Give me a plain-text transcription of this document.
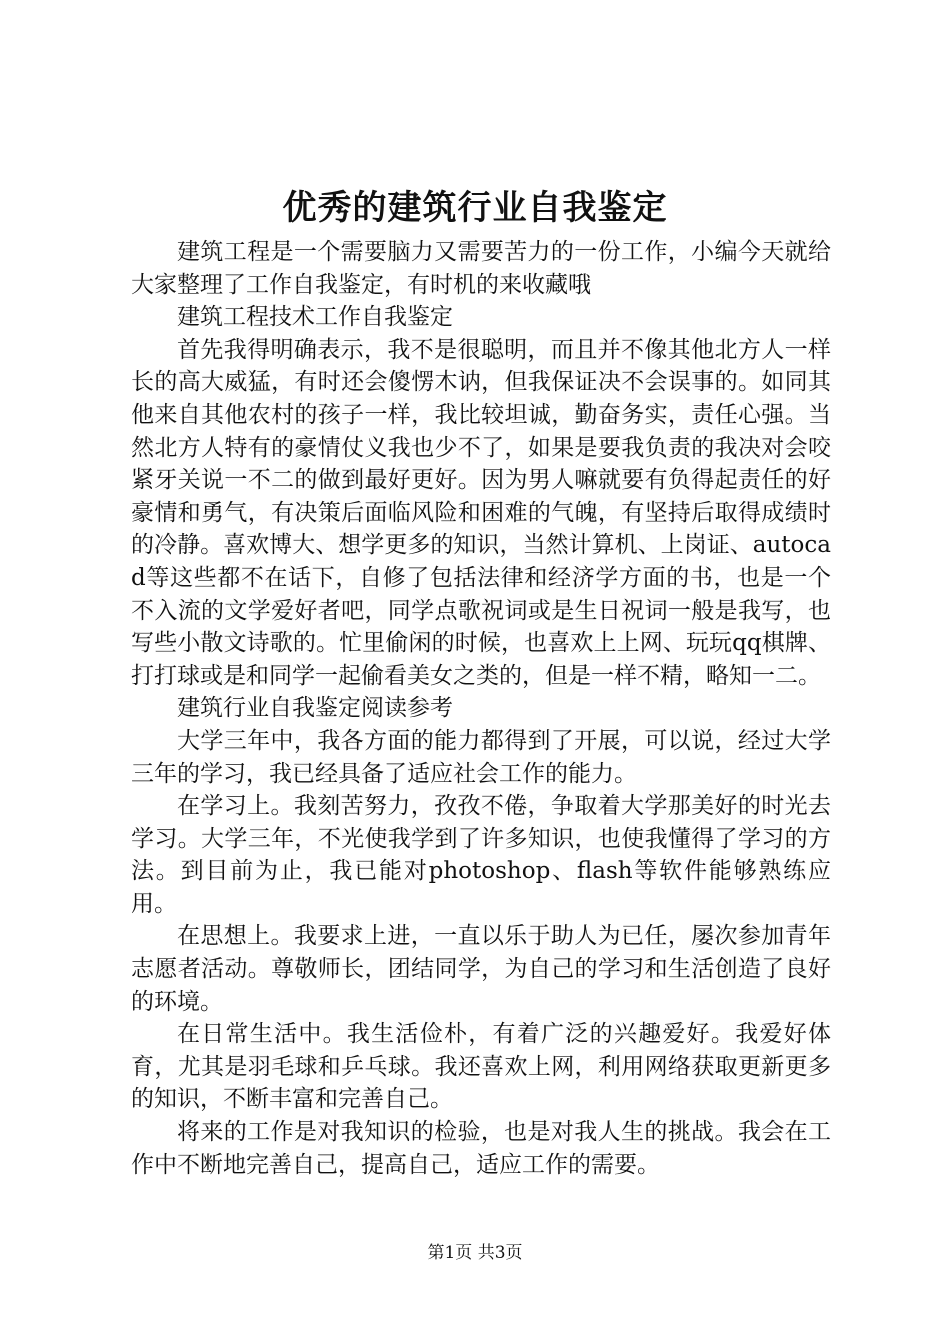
优秀的建筑行业自我鉴定

建筑工程是一个需要脑力又需要苦力的一份工作，小编今天就给大家整理了工作自我鉴定，有时机的来收藏哦

建筑工程技术工作自我鉴定

首先我得明确表示，我不是很聪明，而且并不像其他北方人一样长的高大威猛，有时还会傻愣木讷，但我保证决不会误事的。如同其他来自其他农村的孩子一样，我比较坦诚，勤奋务实，责任心强。当然北方人特有的豪情仗义我也少不了，如果是要我负责的我决对会咬紧牙关说一不二的做到最好更好。因为男人嘛就要有负得起责任的好豪情和勇气，有决策后面临风险和困难的气魄，有坚持后取得成绩时的冷静。喜欢博大、想学更多的知识，当然计算机、上岗证、autocad等这些都不在话下，自修了包括法律和经济学方面的书，也是一个不入流的文学爱好者吧，同学点歌祝词或是生日祝词一般是我写，也写些小散文诗歌的。忙里偷闲的时候，也喜欢上上网、玩玩qq棋牌、打打球或是和同学一起偷看美女之类的，但是一样不精，略知一二。

建筑行业自我鉴定阅读参考

大学三年中，我各方面的能力都得到了开展，可以说，经过大学三年的学习，我已经具备了适应社会工作的能力。

在学习上。我刻苦努力，孜孜不倦，争取着大学那美好的时光去学习。大学三年，不光使我学到了许多知识，也使我懂得了学习的方法。到目前为止，我已能对photoshop、flash等软件能够熟练应用。

在思想上。我要求上进，一直以乐于助人为已任，屡次参加青年志愿者活动。尊敬师长，团结同学，为自己的学习和生活创造了良好的环境。

在日常生活中。我生活俭朴，有着广泛的兴趣爱好。我爱好体育，尤其是羽毛球和乒乓球。我还喜欢上网，利用网络获取更新更多的知识，不断丰富和完善自己。

将来的工作是对我知识的检验，也是对我人生的挑战。我会在工作中不断地完善自己，提高自己，适应工作的需要。

第1页 共3页
